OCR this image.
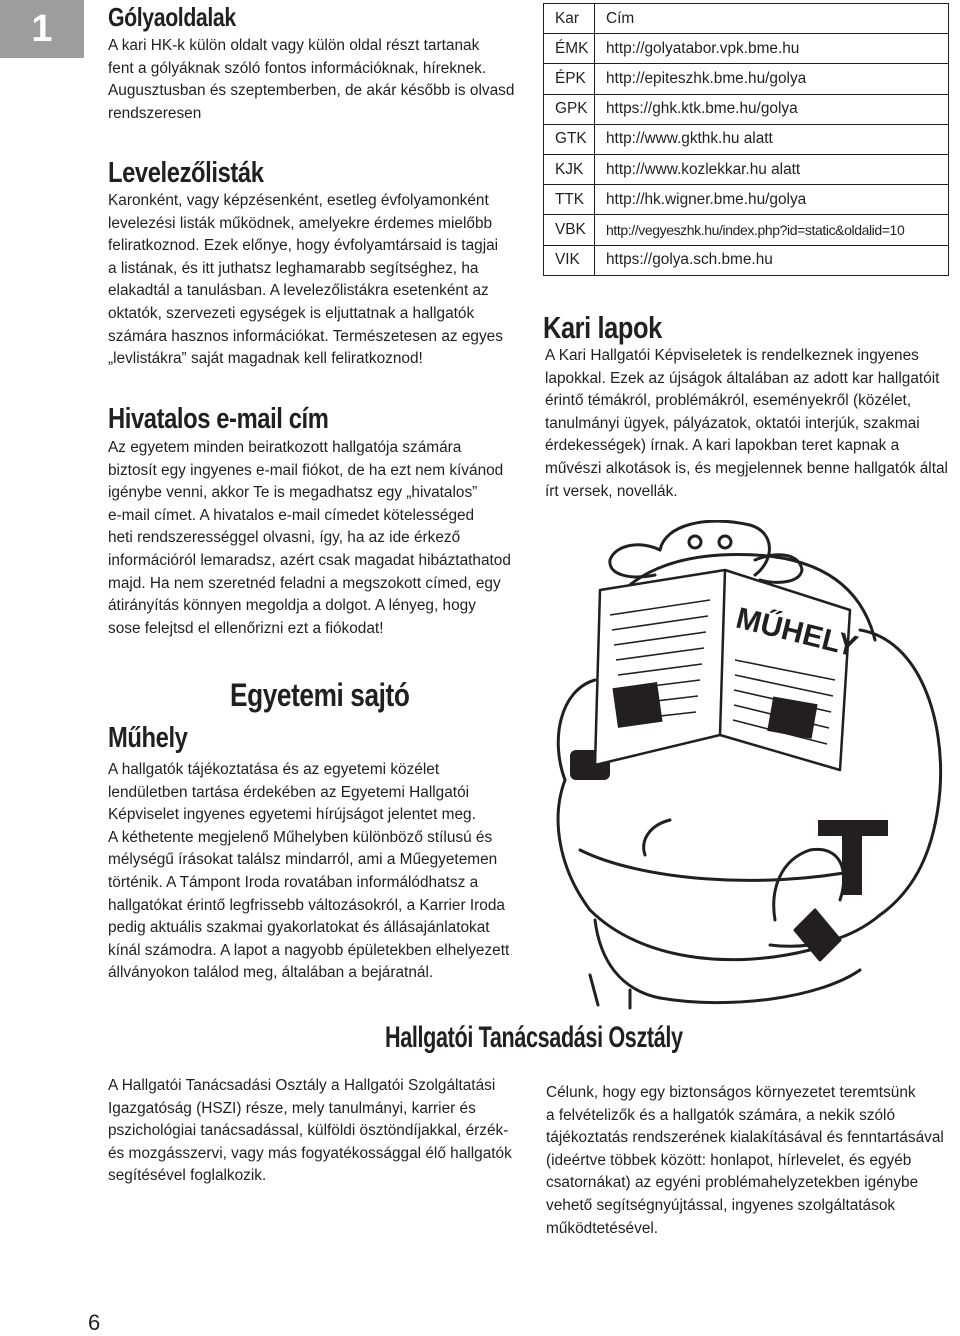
1	Gólyaoldalak

A kari HK-k külön oldalt vagy külön oldal részt tartanak

fent a gólyáknak szóló fontos információknak, híreknek.

Augusztusban és szeptemberben, de akár később is olvasd

rendszeresen

Levelezőlisták

Karonként, vagy képzésenként, esetleg évfolyamonként

levelezési listák működnek, amelyekre érdemes mielőbb

feliratkoznod. Ezek előnye, hogy évfolyamtársaid is tagjai

a listának, és itt juthatsz leghamarabb segítséghez, ha

elakadtál a tanulásban. A levelezőlistákra esetenként az

oktatók, szervezeti egységek is eljuttatnak a hallgatók

számára hasznos információkat. Természetesen az egyes

„levlistákra” saját magadnak kell feliratkoznod!

Hivatalos e-mail cím

Az egyetem minden beiratkozott hallgatója számára

biztosít egy ingyenes e-mail fiókot, de ha ezt nem kívánod

igénybe venni, akkor Te is megadhatsz egy „hivatalos”

e-mail címet. A hivatalos e-mail címedet kötelességed

heti rendszerességgel olvasni, így, ha az ide érkező

információról lemaradsz, azért csak magadat hibáztathatod

majd. Ha nem szeretnéd feladni a megszokott címed, egy

átirányítás könnyen megoldja a dolgot. A lényeg, hogy

sose felejtsd el ellenőrizni ezt a fiókodat!

Egyetemi sajtó
Műhely

A hallgatók tájékoztatása és az egyetemi közélet

lendületben tartása érdekében az Egyetemi Hallgatói

Képviselet ingyenes egyetemi hírújságot jelentet meg.

A kéthetente megjelenő Műhelyben különböző stílusú és

mélységű írásokat találsz mindarról, ami a Műegyetemen

történik. A Támpont Iroda rovatában informálódhatsz a

hallgatókat érintő legfrissebb változásokról, a Karrier Iroda

pedig aktuális szakmai gyakorlatokat és állásajánlatokat

kínál számodra. A lapot a nagyobb épületekben elhelyezett

állványokon találod meg, általában a bejáratnál.

Kar	Cím
ÉMK	http://golyatabor.vpk.bme.hu
ÉPK	http://epiteszhk.bme.hu/golya
GPK	https://ghk.ktk.bme.hu/golya
GTK	http://www.gkthk.hu alatt
KJK	http://www.kozlekkar.hu alatt
TTK	http://hk.wigner.bme.hu/golya
VBK	http://vegyeszhk.hu/index.php?id=static&oldalid=10
VIK	https://golya.sch.bme.hu
Kari lapok

A Kari Hallgatói Képviseletek is rendelkeznek ingyenes

lapokkal. Ezek az újságok általában az adott kar hallgatóit

érintő témákról, problémákról, eseményekről (közélet,

tanulmányi ügyek, pályázatok, oktatói interjúk, szakmai

érdekességek) írnak. A kari lapokban teret kapnak a

művészi alkotások is, és megjelennek benne hallgatók által

írt versek, novellák.

MŰHELY
Hallgatói Tanácsadási Osztály

A Hallgatói Tanácsadási Osztály a Hallgatói Szolgáltatási

Igazgatóság (HSZI) része, mely tanulmányi, karrier és

pszichológiai tanácsadással, külföldi ösztöndíjakkal, érzék-

és mozgásszervi, vagy más fogyatékossággal élő hallgatók

segítésével foglalkozik.

Célunk, hogy egy biztonságos környezetet teremtsünk

a felvételizők és a hallgatók számára, a nekik szóló

tájékoztatás rendszerének kialakításával és fenntartásával

(ideértve többek között: honlapot, hírlevelet, és egyéb

csatornákat) az egyéni problémahelyzetekben igénybe

vehető segítségnyújtással, ingyenes szolgáltatások

működtetésével.

6
